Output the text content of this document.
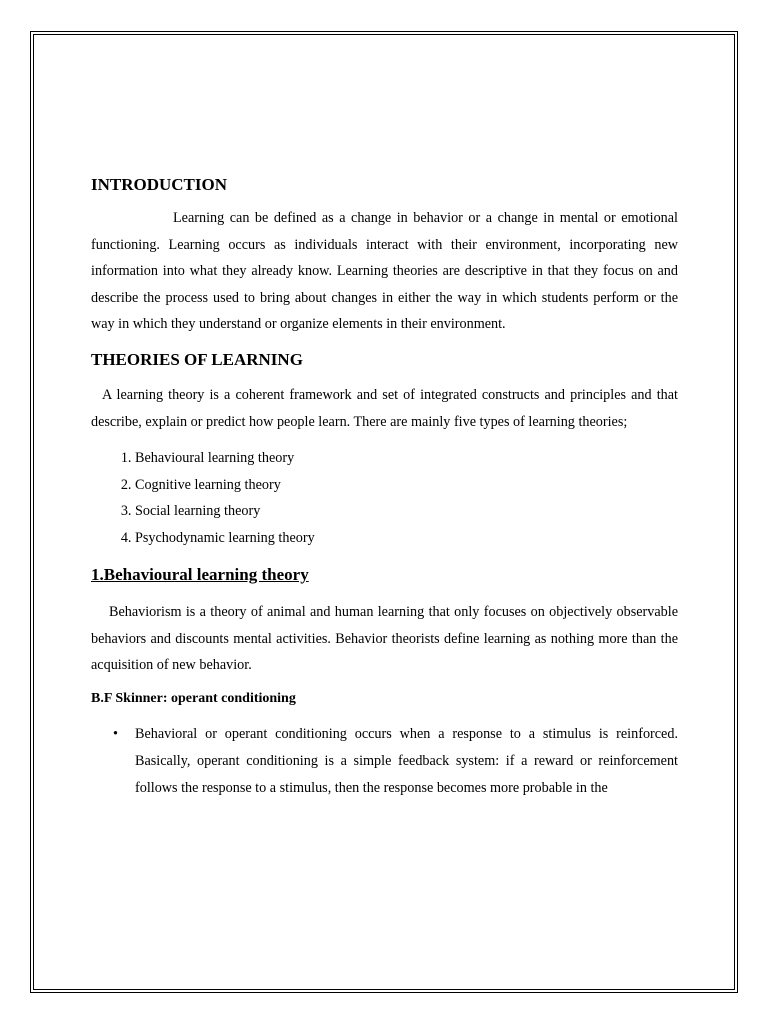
INTRODUCTION

Learning can be defined as a change in behavior or a change in mental or emotional functioning. Learning occurs as individuals interact with their environment, incorporating new information into what they already know. Learning theories are descriptive in that they focus on and describe the process used to bring about changes in either the way in which students perform or the way in which they understand or organize elements in their environment.

THEORIES OF LEARNING

A learning theory is a coherent framework and set of integrated constructs and principles and that describe, explain or predict how people learn. There are mainly five types of learning theories;

1. Behavioural learning theory
2. Cognitive learning theory
3. Social learning theory
4. Psychodynamic learning theory
1.Behavioural learning theory

Behaviorism is a theory of animal and human learning that only focuses on objectively observable behaviors and discounts mental activities. Behavior theorists define learning as nothing more than the acquisition of new behavior.

B.F Skinner: operant conditioning
• Behavioral or operant conditioning occurs when a response to a stimulus is reinforced. Basically, operant conditioning is a simple feedback system: if a reward or reinforcement follows the response to a stimulus, then the response becomes more probable in the
